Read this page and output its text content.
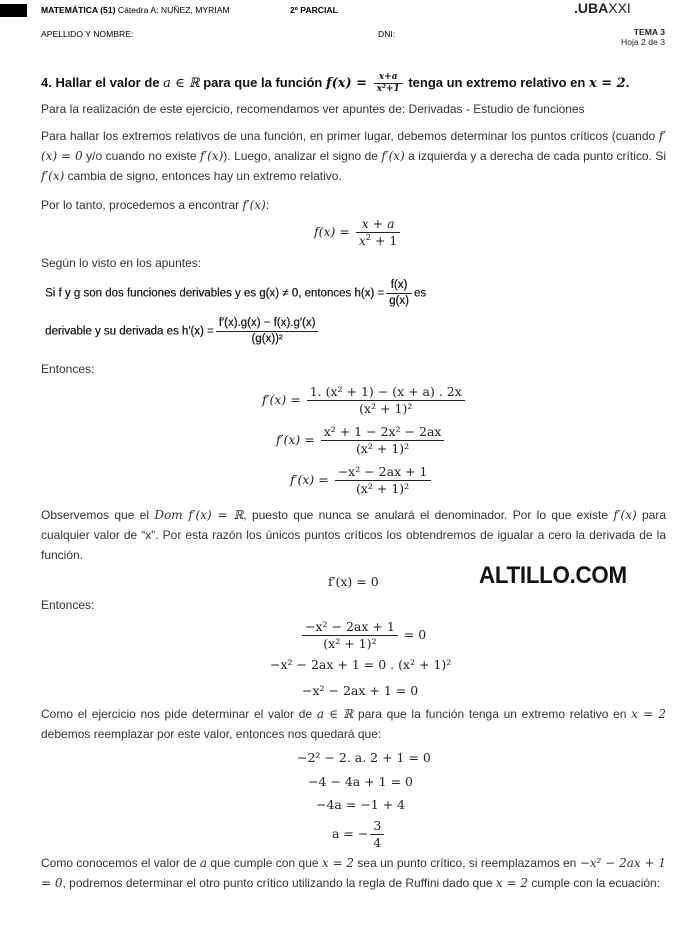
MATEMÁTICA (51) Cátedra A: NUÑEZ, MYRIAM	2º PARCIAL	.UBAXXI
APELLIDO Y NOMBRE:	DNI:	TEMA 3
Hoja 2 de 3
4. Hallar el valor de a ∈ ℝ para que la función $f(x) = \frac{x+a}{\text{x²+1}}$ tenga un extremo relativo en x = 2.
Para la realización de este ejercicio, recomendamos ver apuntes de: Derivadas - Estudio de funciones
Para hallar los extremos relativos de una función, en primer lugar, debemos determinar los puntos críticos (cuando f′(x) = 0 y/o cuando no existe f′(x)). Luego, analizar el signo de f′(x) a izquierda y a derecha de cada punto crítico. Si f′(x) cambia de signo, entonces hay un extremo relativo.
Por lo tanto, procedemos a encontrar f′(x):
$f(x) = \frac{x + a}{x^2 + 1}$
Según lo visto en los apuntes:
Si f y g son dos funciones derivables y es g(x) ≠ 0, entonces $h(x) = \frac{f(x)}{g(x)}$ es
derivable y su derivada es $h'(x) = \frac{f'(x).g(x) - f(x).g'(x)}{\text{(g(x))²}}$
Entonces:
$f'(x) = \frac{\text{1. (x² + 1) − (x + a) . 2x}}{\text{(x² + 1)²}}$
$f'(x) = \frac{\text{x² + 1 − 2x² − 2ax}}{\text{(x² + 1)²}}$
$f'(x) = \frac{\text{−x² − 2ax + 1}}{\text{(x² + 1)²}}$
Observemos que el Dom f′(x) = ℝ, puesto que nunca se anulará el denominador. Por lo que existe f′(x) para cualquier valor de “x”. Por esta razón los únicos puntos críticos los obtendremos de igualar a cero la derivada de la función.
f′(x) = 0	ALTILLO.COM
Entonces:
$\frac{\text{−x² − 2ax + 1}}{\text{(x² + 1)²}} = 0$
−x² − 2ax + 1 = 0 . (x² + 1)²
−x² − 2ax + 1 = 0
Como el ejercicio nos pide determinar el valor de a ∈ ℝ para que la función tenga un extremo relativo en x = 2 debemos reemplazar por este valor, entonces nos quedará que:
−2² − 2. a. 2 + 1 = 0
−4 − 4a + 1 = 0
−4a = −1 + 4
a = − $\frac{3}{4}$
Como conocemos el valor de a que cumple con que x = 2 sea un punto crítico, si reemplazamos en −x² − 2ax + 1 = 0, podremos determinar el otro punto crítico utilizando la regla de Ruffini dado que x = 2 cumple con la ecuación:
